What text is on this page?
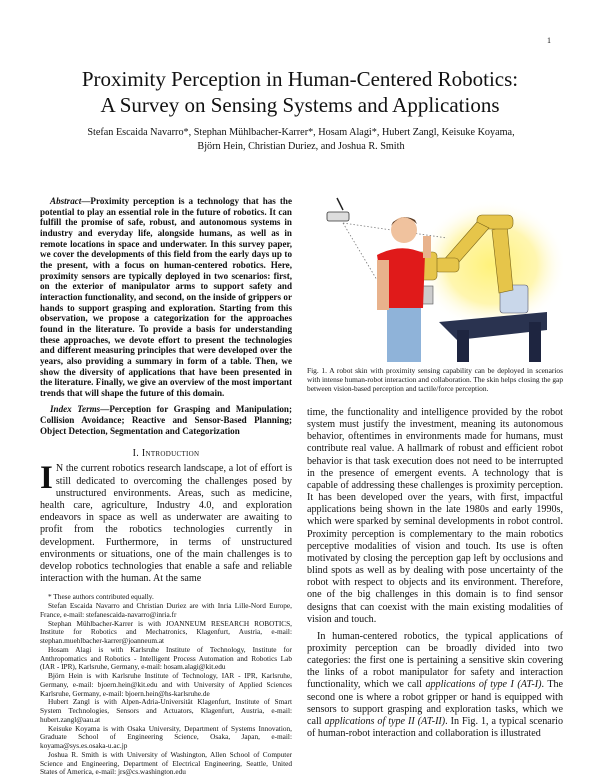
1
Proximity Perception in Human-Centered Robotics:
A Survey on Sensing Systems and Applications
Stefan Escaida Navarro*, Stephan Mühlbacher-Karrer*, Hosam Alagi*, Hubert Zangl, Keisuke Koyama,
Björn Hein, Christian Duriez, and Joshua R. Smith

Abstract—Proximity perception is a technology that has the potential to play an essential role in the future of robotics. It can fulfill the promise of safe, robust, and autonomous systems in industry and everyday life, alongside humans, as well as in remote locations in space and underwater. In this survey paper, we cover the developments of this field from the early days up to the present, with a focus on human-centered robotics. Here, proximity sensors are typically deployed in two scenarios: first, on the exterior of manipulator arms to support safety and interaction functionality, and second, on the inside of grippers or hands to support grasping and exploration. Starting from this observation, we propose a categorization for the approaches found in the literature. To provide a basis for understanding these approaches, we devote effort to present the technologies and different measuring principles that were developed over the years, also providing a summary in form of a table. Then, we show the diversity of applications that have been presented in the literature. Finally, we give an overview of the most important trends that will shape the future of this domain.

Index Terms—Perception for Grasping and Manipulation; Collision Avoidance; Reactive and Sensor-Based Planning; Object Detection, Segmentation and Categorization

I. Introduction
I N the current robotics research landscape, a lot of effort is still dedicated to overcoming the challenges posed by unstructured environments. Areas, such as medicine, health care, agriculture, Industry 4.0, and exploration endeavors in space as well as underwater are awaiting to profit from the robotics technologies currently in development. Furthermore, in terms of unstructured environments or situations, one of the main challenges is to develop robotics technologies that enable a safe and reliable interaction with the human. At the same

* These authors contributed equally.

Stefan Escaida Navarro and Christian Duriez are with Inria Lille-Nord Europe, France, e-mail: stefanescaida-navarro@inria.fr

Stephan Mühlbacher-Karrer is with JOANNEUM RESEARCH ROBOTICS, Institute for Robotics and Mechatronics, Klagenfurt, Austria, e-mail: stephan.muehlbacher-karrer@joanneum.at

Hosam Alagi is with Karlsruhe Institute of Technology, Institute for Anthropomatics and Robotics - Intelligent Process Automation and Robotics Lab (IAR - IPR), Karlsruhe, Germany, e-mail: hosam.alagi@kit.edu

Björn Hein is with Karlsruhe Institute of Technology, IAR - IPR, Karlsruhe, Germany, e-mail: bjoern.hein@kit.edu and with University of Applied Sciences Karlsruhe, Germany, e-mail: bjoern.hein@hs-karlsruhe.de

Hubert Zangl is with Alpen-Adria-Universität Klagenfurt, Institute of Smart System Technologies, Sensors and Actuators, Klagenfurt, Austria, e-mail: hubert.zangl@aau.at

Keisuke Koyama is with Osaka University, Department of Systems Innovation, Graduate School of Engineering Science, Osaka, Japan, e-mail: koyama@sys.es.osaka-u.ac.jp

Joshua R. Smith is with University of Washington, Allen School of Computer Science and Engineering, Department of Electrical Engineering, Seattle, United States of America, e-mail: jrs@cs.washington.edu

Fig. 1. A robot skin with proximity sensing capability can be deployed in scenarios with intense human-robot interaction and collaboration. The skin helps closing the gap between vision-based perception and tactile/force perception.

time, the functionality and intelligence provided by the robot system must justify the investment, meaning its autonomous behavior, oftentimes in environments made for humans, must contribute real value. A hallmark of robust and efficient robot behavior is that task execution does not need to be interrupted in the presence of emergent events. A technology that is capable of addressing these challenges is proximity perception. It has been developed over the years, with first, impactful applications being shown in the late 1980s and early 1990s, which were sparked by seminal developments in robot control. Proximity perception is complementary to the main robotics perceptive modalities of vision and touch. Its use is often motivated by closing the perception gap left by occlusions and blind spots as well as by dealing with pose uncertainty of the robot with respect to objects and its environment. Therefore, one of the big challenges in this domain is to find sensor designs that can coexist with the main existing modalities of vision and touch.

In human-centered robotics, the typical applications of proximity perception can be broadly divided into two categories: the first one is pertaining a sensitive skin covering the links of a robot manipulator for safety and interaction functionality, which we call applications of type I (AT-I). The second one is where a robot gripper or hand is equipped with sensors to support grasping and exploration tasks, which we call applications of type II (AT-II). In Fig. 1, a typical scenario of human-robot interaction and collaboration is illustrated
